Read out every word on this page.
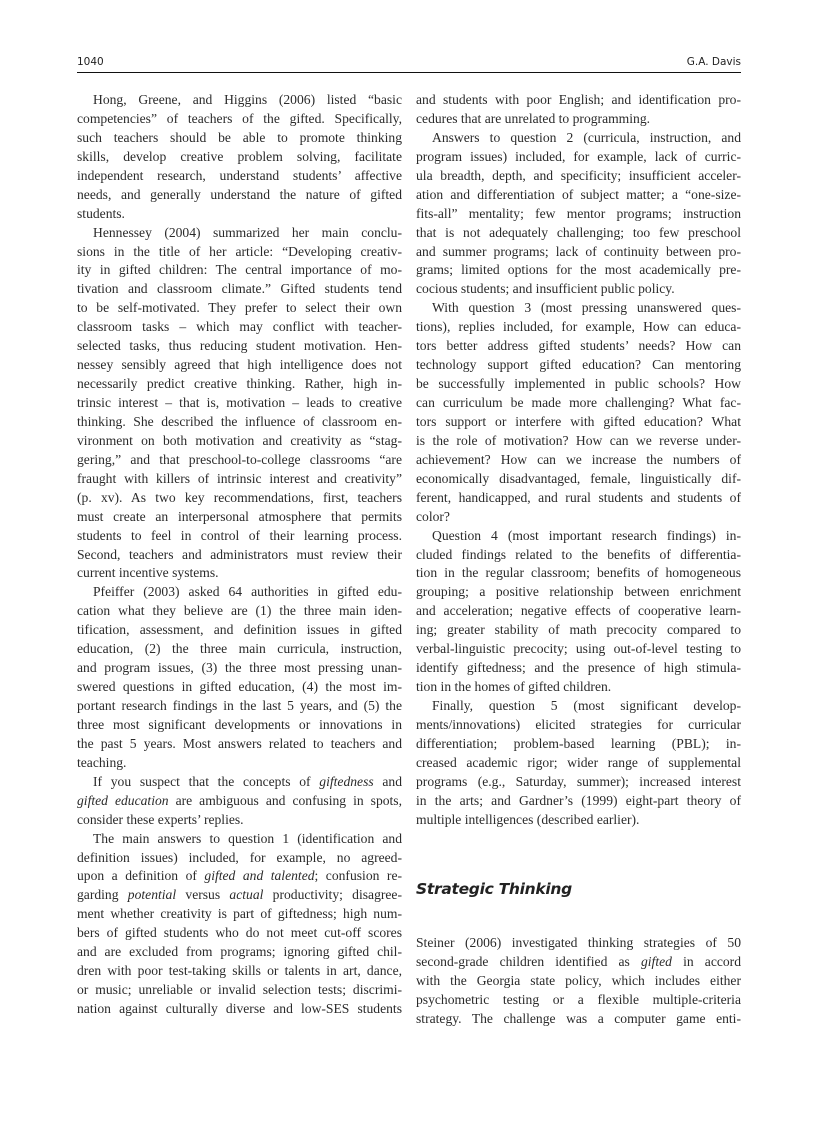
1040	G.A. Davis
Hong, Greene, and Higgins (2006) listed “basic
competencies” of teachers of the gifted. Specifically,
such teachers should be able to promote thinking
skills, develop creative problem solving, facilitate
independent research, understand students’ affective
needs, and generally understand the nature of gifted
students.
Hennessey (2004) summarized her main conclu-
sions in the title of her article: “Developing creativ-
ity in gifted children: The central importance of mo-
tivation and classroom climate.” Gifted students tend
to be self-motivated. They prefer to select their own
classroom tasks – which may conflict with teacher-
selected tasks, thus reducing student motivation. Hen-
nessey sensibly agreed that high intelligence does not
necessarily predict creative thinking. Rather, high in-
trinsic interest – that is, motivation – leads to creative
thinking. She described the influence of classroom en-
vironment on both motivation and creativity as “stag-
gering,” and that preschool-to-college classrooms “are
fraught with killers of intrinsic interest and creativity”
(p. xv). As two key recommendations, first, teachers
must create an interpersonal atmosphere that permits
students to feel in control of their learning process.
Second, teachers and administrators must review their
current incentive systems.
Pfeiffer (2003) asked 64 authorities in gifted edu-
cation what they believe are (1) the three main iden-
tification, assessment, and definition issues in gifted
education, (2) the three main curricula, instruction,
and program issues, (3) the three most pressing unan-
swered questions in gifted education, (4) the most im-
portant research findings in the last 5 years, and (5) the
three most significant developments or innovations in
the past 5 years. Most answers related to teachers and
teaching.
If you suspect that the concepts of giftedness and
gifted education are ambiguous and confusing in spots,
consider these experts’ replies.
The main answers to question 1 (identification and
definition issues) included, for example, no agreed-
upon a definition of gifted and talented; confusion re-
garding potential versus actual productivity; disagree-
ment whether creativity is part of giftedness; high num-
bers of gifted students who do not meet cut-off scores
and are excluded from programs; ignoring gifted chil-
dren with poor test-taking skills or talents in art, dance,
or music; unreliable or invalid selection tests; discrimi-
nation against culturally diverse and low-SES students
and students with poor English; and identification pro-
cedures that are unrelated to programming.
Answers to question 2 (curricula, instruction, and
program issues) included, for example, lack of curric-
ula breadth, depth, and specificity; insufficient acceler-
ation and differentiation of subject matter; a “one-size-
fits-all” mentality; few mentor programs; instruction
that is not adequately challenging; too few preschool
and summer programs; lack of continuity between pro-
grams; limited options for the most academically pre-
cocious students; and insufficient public policy.
With question 3 (most pressing unanswered ques-
tions), replies included, for example, How can educa-
tors better address gifted students’ needs? How can
technology support gifted education? Can mentoring
be successfully implemented in public schools? How
can curriculum be made more challenging? What fac-
tors support or interfere with gifted education? What
is the role of motivation? How can we reverse under-
achievement? How can we increase the numbers of
economically disadvantaged, female, linguistically dif-
ferent, handicapped, and rural students and students of
color?
Question 4 (most important research findings) in-
cluded findings related to the benefits of differentia-
tion in the regular classroom; benefits of homogeneous
grouping; a positive relationship between enrichment
and acceleration; negative effects of cooperative learn-
ing; greater stability of math precocity compared to
verbal-linguistic precocity; using out-of-level testing to
identify giftedness; and the presence of high stimula-
tion in the homes of gifted children.
Finally, question 5 (most significant develop-
ments/innovations) elicited strategies for curricular
differentiation; problem-based learning (PBL); in-
creased academic rigor; wider range of supplemental
programs (e.g., Saturday, summer); increased interest
in the arts; and Gardner’s (1999) eight-part theory of
multiple intelligences (described earlier).
Strategic Thinking
Steiner (2006) investigated thinking strategies of 50
second-grade children identified as gifted in accord
with the Georgia state policy, which includes either
psychometric testing or a flexible multiple-criteria
strategy. The challenge was a computer game enti-
